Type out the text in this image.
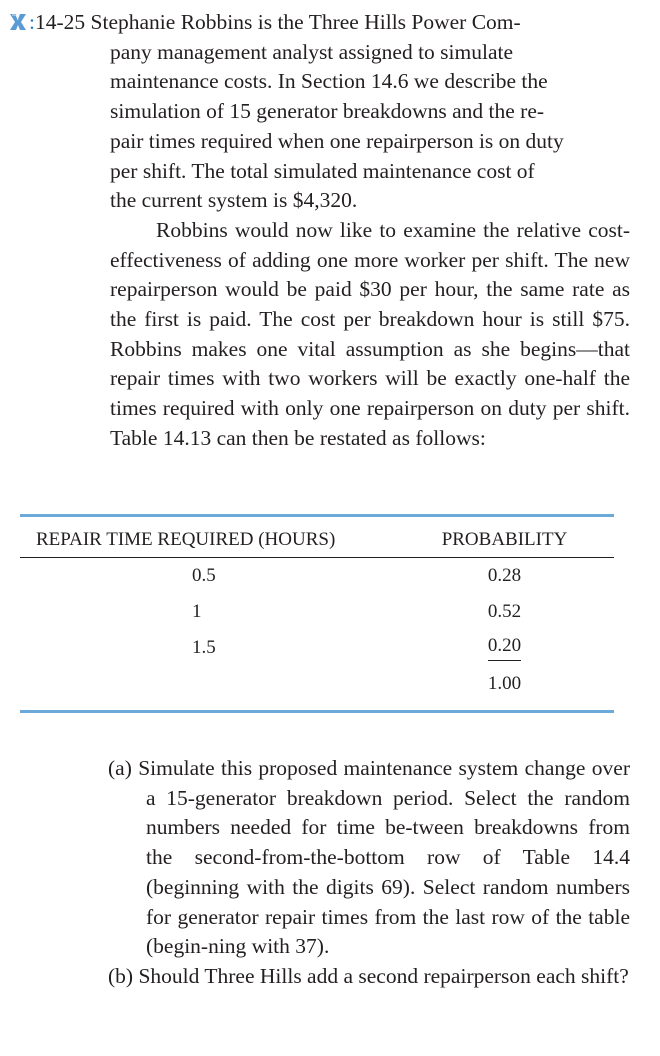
:14-25 Stephanie Robbins is the Three Hills Power Com-
pany management analyst assigned to simulate
maintenance costs. In Section 14.6 we describe the
simulation of 15 generator breakdowns and the re-
pair times required when one repairperson is on duty
per shift. The total simulated maintenance cost of
the current system is $4,320.

Robbins would now like to examine the relative cost-effectiveness of adding one more worker per shift. The new repairperson would be paid $30 per hour, the same rate as the first is paid. The cost per breakdown hour is still $75. Robbins makes one vital assumption as she begins—that repair times with two workers will be exactly one-half the times required with only one repairperson on duty per shift. Table 14.13 can then be restated as follows:

REPAIR TIME REQUIRED (HOURS)	PROBABILITY

0.5	0.28

1	0.52

1.5	0.20
	1.00

(a) Simulate this proposed maintenance system change over a 15-generator breakdown period. Select the random numbers needed for time be-tween breakdowns from the second-from-the-bottom row of Table 14.4 (beginning with the digits 69). Select random numbers for generator repair times from the last row of the table (begin-ning with 37).

(b) Should Three Hills add a second repairperson each shift?
